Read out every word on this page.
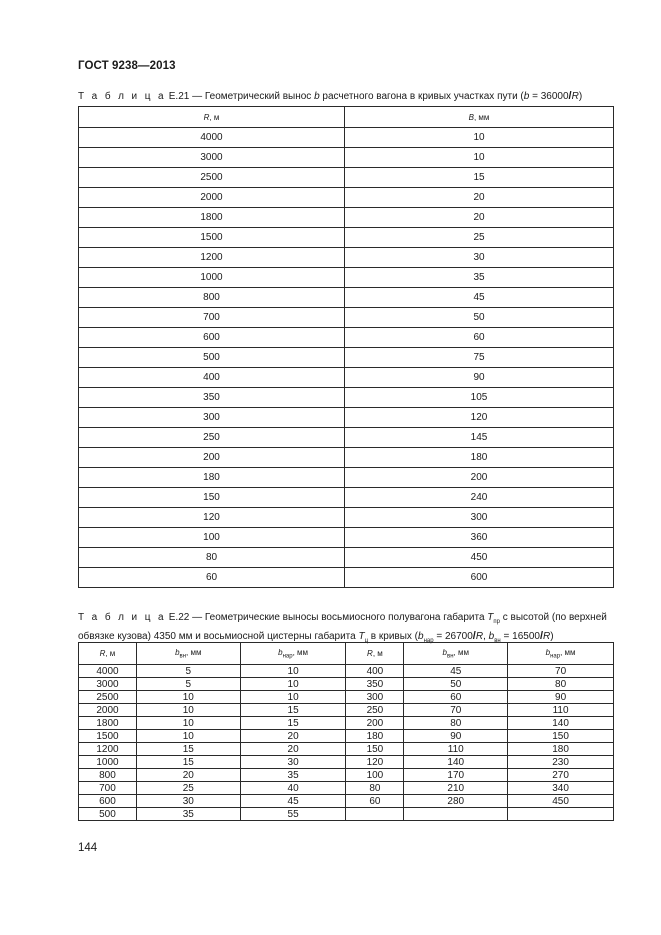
ГОСТ 9238—2013
Т а б л и ц а Е.21 — Геометрический вынос b расчетного вагона в кривых участках пути (b = 36000/R)
R, м	B, мм
4000	10
3000	10
2500	15
2000	20
1800	20
1500	25
1200	30
1000	35
800	45
700	50
600	60
500	75
400	90
350	105
300	120
250	145
200	180
180	200
150	240
120	300
100	360
80	450
60	600
Т а б л и ц а Е.22 — Геометрические выносы восьмиосного полувагона габарита $T_{пр}$ с высотой (по верхней обвязке кузова) 4350 мм и восьмиосной цистерны габарита $T_ц$ в кривых ($b_{нар} = 26700/R$, $b_{вн} = 16500/R$)
R, м	$b_{вн}$, мм	$b_{нар}$, мм	R, м	$b_{вн}$, мм	$b_{нар}$, мм
4000	5	10	400	45	70
3000	5	10	350	50	80
2500	10	10	300	60	90
2000	10	15	250	70	110
1800	10	15	200	80	140
1500	10	20	180	90	150
1200	15	20	150	110	180
1000	15	30	120	140	230
800	20	35	100	170	270
700	25	40	80	210	340
600	30	45	60	280	450
500	35	55			
144
